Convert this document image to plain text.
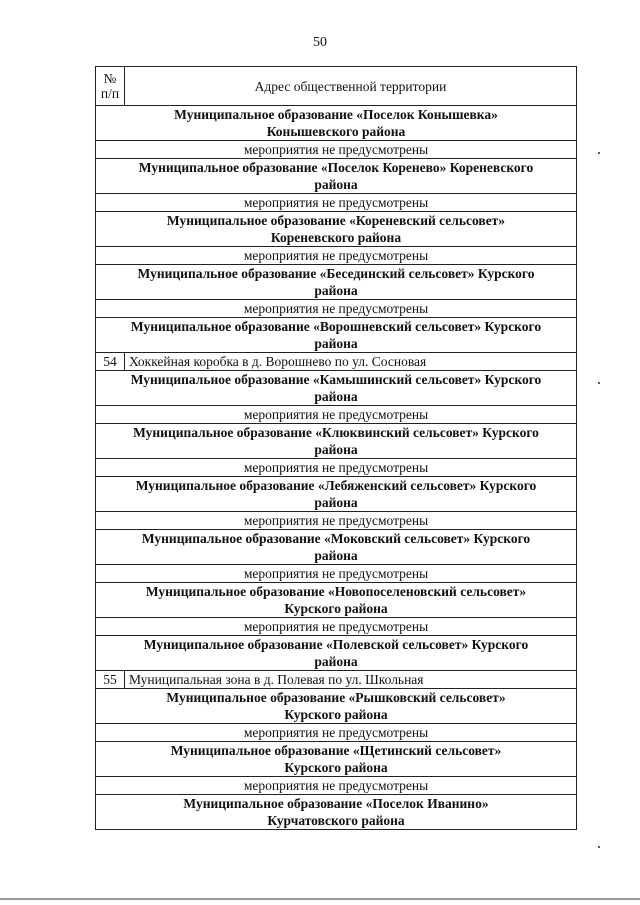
50
№
п/п	Адрес общественной территории
Муниципальное образование «Поселок Конышевка»
Конышевского района	
мероприятия не предусмотрены	
Муниципальное образование «Поселок Коренево» Кореневского
района	
мероприятия не предусмотрены	
Муниципальное образование «Кореневский сельсовет»
Кореневского района	
мероприятия не предусмотрены	
Муниципальное образование «Бесединский сельсовет» Курского
района	
мероприятия не предусмотрены	
Муниципальное образование «Ворошневский сельсовет» Курского
района	
54	Хоккейная коробка в д. Ворошнево по ул. Сосновая
Муниципальное образование «Камышинский сельсовет» Курского
района	
мероприятия не предусмотрены	
Муниципальное образование «Клюквинский сельсовет» Курского
района	
мероприятия не предусмотрены	
Муниципальное образование «Лебяженский сельсовет» Курского
района	
мероприятия не предусмотрены	
Муниципальное образование «Моковский сельсовет» Курского
района	
мероприятия не предусмотрены	
Муниципальное образование «Новопоселеновский сельсовет»
Курского района	
мероприятия не предусмотрены	
Муниципальное образование «Полевской сельсовет» Курского
района	
55	Муниципальная зона в д. Полевая по ул. Школьная
Муниципальное образование «Рышковский сельсовет»
Курского района	
мероприятия не предусмотрены	
Муниципальное образование «Щетинский сельсовет»
Курского района	
мероприятия не предусмотрены	
Муниципальное образование «Поселок Иванино»
Курчатовского района	
